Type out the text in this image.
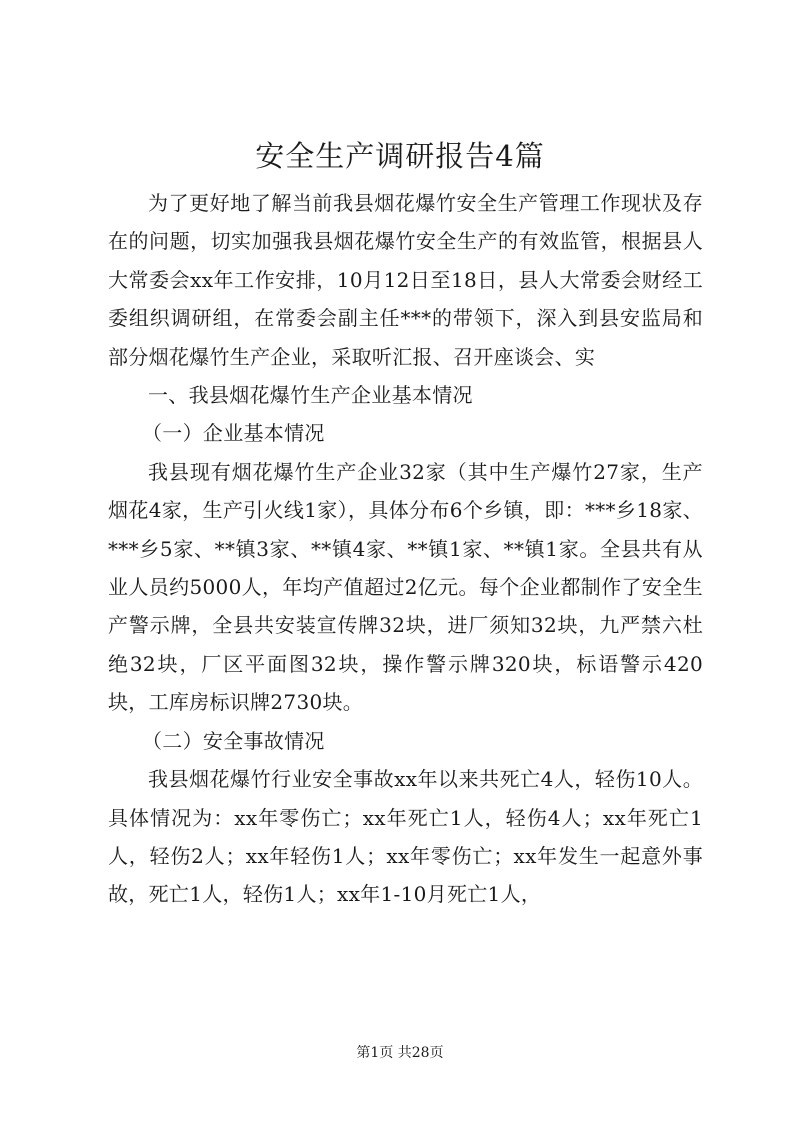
安全生产调研报告4篇

为了更好地了解当前我县烟花爆竹安全生产管理工作现状及存在的问题，切实加强我县烟花爆竹安全生产的有效监管，根据县人大常委会xx年工作安排，10月12日至18日，县人大常委会财经工委组织调研组，在常委会副主任***的带领下，深入到县安监局和部分烟花爆竹生产企业，采取听汇报、召开座谈会、实

一、我县烟花爆竹生产企业基本情况

（一）企业基本情况

我县现有烟花爆竹生产企业32家（其中生产爆竹27家，生产烟花4家，生产引火线1家），具体分布6个乡镇，即：***乡18家、***乡5家、**镇3家、**镇4家、**镇1家、**镇1家。全县共有从业人员约5000人，年均产值超过2亿元。每个企业都制作了安全生产警示牌，全县共安装宣传牌32块，进厂须知32块，九严禁六杜绝32块，厂区平面图32块，操作警示牌320块，标语警示420块，工库房标识牌2730块。

（二）安全事故情况

我县烟花爆竹行业安全事故xx年以来共死亡4人，轻伤10人。具体情况为：xx年零伤亡；xx年死亡1人，轻伤4人；xx年死亡1人，轻伤2人；xx年轻伤1人；xx年零伤亡；xx年发生一起意外事故，死亡1人，轻伤1人；xx年1-10月死亡1人，

第1页 共28页
